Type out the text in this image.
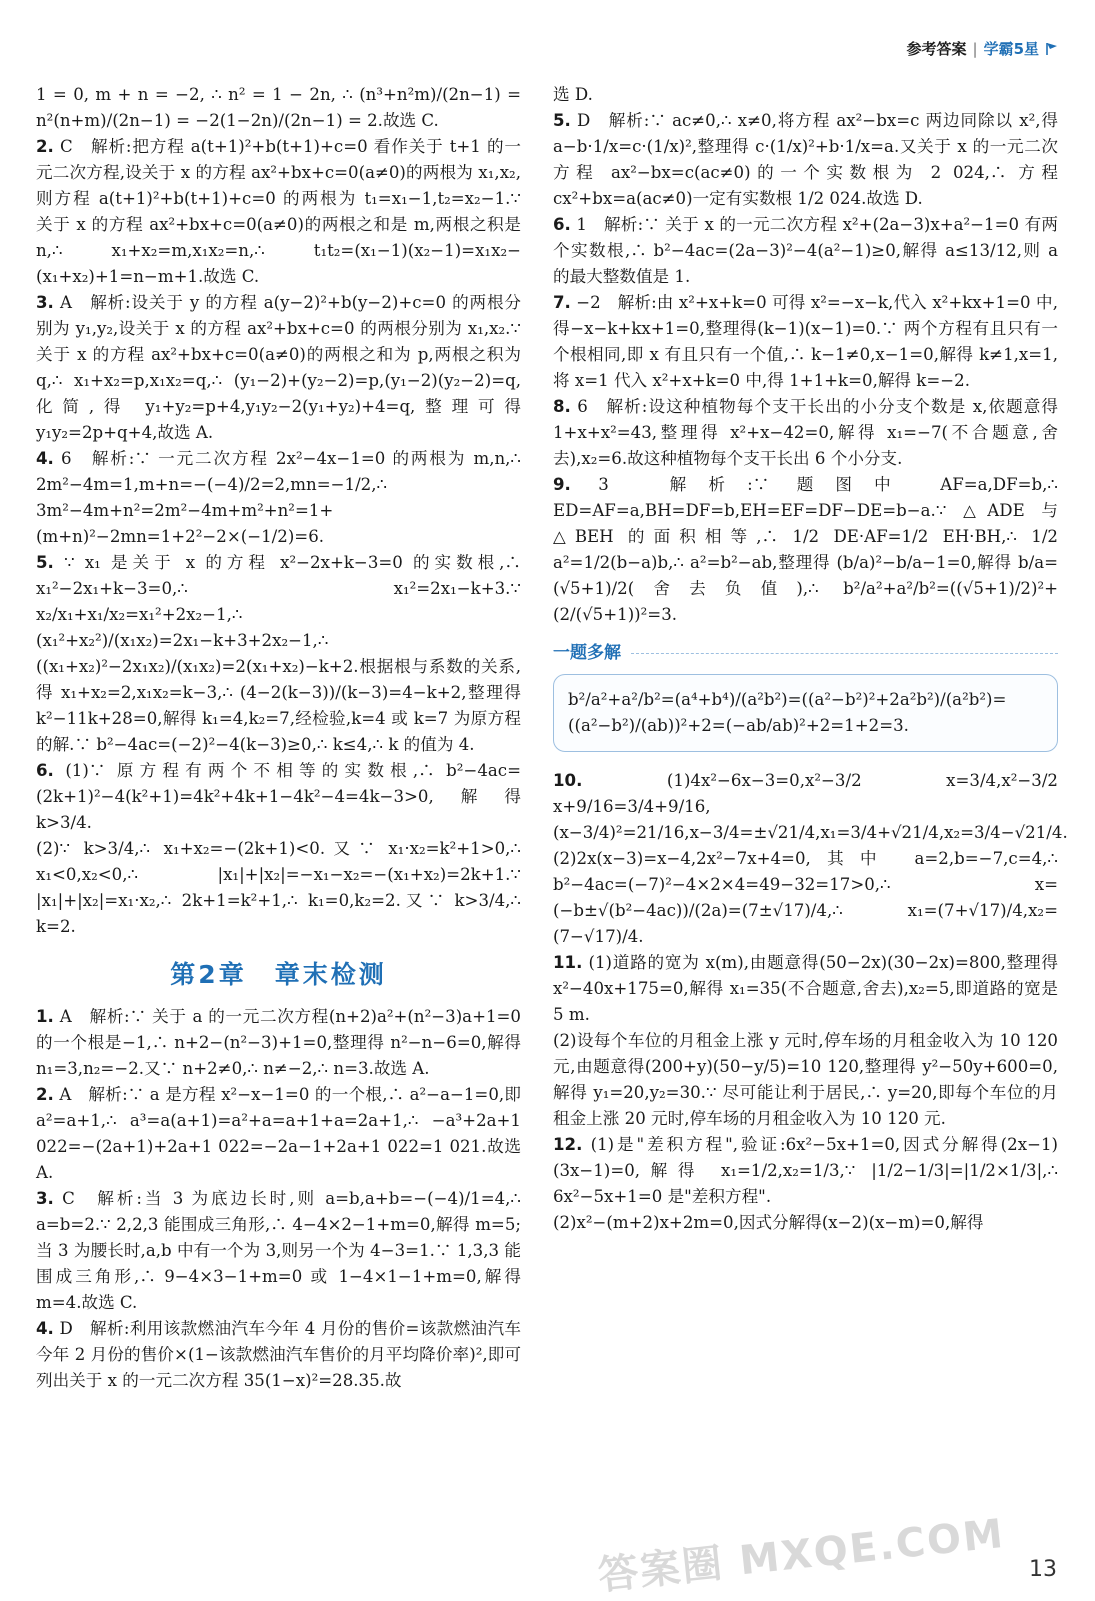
参考答案 | 学霸5星

1 = 0, m + n = −2, ∴ n² = 1 − 2n, ∴ (n³+n²m)/(2n−1) = n²(n+m)/(2n−1) = −2(1−2n)/(2n−1) = 2.故选 C.

2. C　解析:把方程 a(t+1)²+b(t+1)+c=0 看作关于 t+1 的一元二次方程,设关于 x 的方程 ax²+bx+c=0(a≠0)的两根为 x₁,x₂,则方程 a(t+1)²+b(t+1)+c=0 的两根为 t₁=x₁−1,t₂=x₂−1.∵ 关于 x 的方程 ax²+bx+c=0(a≠0)的两根之和是 m,两根之积是 n,∴ x₁+x₂=m,x₁x₂=n,∴ t₁t₂=(x₁−1)(x₂−1)=x₁x₂−(x₁+x₂)+1=n−m+1.故选 C.

3. A　解析:设关于 y 的方程 a(y−2)²+b(y−2)+c=0 的两根分别为 y₁,y₂,设关于 x 的方程 ax²+bx+c=0 的两根分别为 x₁,x₂.∵ 关于 x 的方程 ax²+bx+c=0(a≠0)的两根之和为 p,两根之积为 q,∴ x₁+x₂=p,x₁x₂=q,∴ (y₁−2)+(y₂−2)=p,(y₁−2)(y₂−2)=q,化简,得 y₁+y₂=p+4,y₁y₂−2(y₁+y₂)+4=q,整理可得 y₁y₂=2p+q+4,故选 A.

4. 6　解析:∵ 一元二次方程 2x²−4x−1=0 的两根为 m,n,∴ 2m²−4m=1,m+n=−(−4)/2=2,mn=−1/2,∴ 3m²−4m+n²=2m²−4m+m²+n²=1+(m+n)²−2mn=1+2²−2×(−1/2)=6.

5. ∵ x₁ 是关于 x 的方程 x²−2x+k−3=0 的实数根,∴ x₁²−2x₁+k−3=0,∴ x₁²=2x₁−k+3.∵ x₂/x₁+x₁/x₂=x₁²+2x₂−1,∴ (x₁²+x₂²)/(x₁x₂)=2x₁−k+3+2x₂−1,∴ ((x₁+x₂)²−2x₁x₂)/(x₁x₂)=2(x₁+x₂)−k+2.根据根与系数的关系,得 x₁+x₂=2,x₁x₂=k−3,∴ (4−2(k−3))/(k−3)=4−k+2,整理得 k²−11k+28=0,解得 k₁=4,k₂=7,经检验,k=4 或 k=7 为原方程的解.∵ b²−4ac=(−2)²−4(k−3)≥0,∴ k≤4,∴ k 的值为 4.

6. (1)∵ 原方程有两个不相等的实数根,∴ b²−4ac=(2k+1)²−4(k²+1)=4k²+4k+1−4k²−4=4k−3>0,解得 k>3/4.

(2)∵ k>3/4,∴ x₁+x₂=−(2k+1)<0.又∵ x₁·x₂=k²+1>0,∴ x₁<0,x₂<0,∴ |x₁|+|x₂|=−x₁−x₂=−(x₁+x₂)=2k+1.∵ |x₁|+|x₂|=x₁·x₂,∴ 2k+1=k²+1,∴ k₁=0,k₂=2.又∵ k>3/4,∴ k=2.

第2章　章末检测

1. A　解析:∵ 关于 a 的一元二次方程(n+2)a²+(n²−3)a+1=0 的一个根是−1,∴ n+2−(n²−3)+1=0,整理得 n²−n−6=0,解得 n₁=3,n₂=−2.又∵ n+2≠0,∴ n≠−2,∴ n=3.故选 A.

2. A　解析:∵ a 是方程 x²−x−1=0 的一个根,∴ a²−a−1=0,即 a²=a+1,∴ a³=a(a+1)=a²+a=a+1+a=2a+1,∴ −a³+2a+1 022=−(2a+1)+2a+1 022=−2a−1+2a+1 022=1 021.故选 A.

3. C　解析:当 3 为底边长时,则 a=b,a+b=−(−4)/1=4,∴ a=b=2.∵ 2,2,3 能围成三角形,∴ 4−4×2−1+m=0,解得 m=5;当 3 为腰长时,a,b 中有一个为 3,则另一个为 4−3=1.∵ 1,3,3 能围成三角形,∴ 9−4×3−1+m=0 或 1−4×1−1+m=0,解得 m=4.故选 C.

4. D　解析:利用该款燃油汽车今年 4 月份的售价=该款燃油汽车今年 2 月份的售价×(1−该款燃油汽车售价的月平均降价率)²,即可列出关于 x 的一元二次方程 35(1−x)²=28.35.故

选 D.

5. D　解析:∵ ac≠0,∴ x≠0,将方程 ax²−bx=c 两边同除以 x²,得 a−b·1/x=c·(1/x)²,整理得 c·(1/x)²+b·1/x=a.又关于 x 的一元二次方程 ax²−bx=c(ac≠0)的一个实数根为 2 024,∴ 方程 cx²+bx=a(ac≠0)一定有实数根 1/2 024.故选 D.

6. 1　解析:∵ 关于 x 的一元二次方程 x²+(2a−3)x+a²−1=0 有两个实数根,∴ b²−4ac=(2a−3)²−4(a²−1)≥0,解得 a≤13/12,则 a 的最大整数值是 1.

7. −2　解析:由 x²+x+k=0 可得 x²=−x−k,代入 x²+kx+1=0 中,得−x−k+kx+1=0,整理得(k−1)(x−1)=0.∵ 两个方程有且只有一个根相同,即 x 有且只有一个值,∴ k−1≠0,x−1=0,解得 k≠1,x=1,将 x=1 代入 x²+x+k=0 中,得 1+1+k=0,解得 k=−2.

8. 6　解析:设这种植物每个支干长出的小分支个数是 x,依题意得 1+x+x²=43,整理得 x²+x−42=0,解得 x₁=−7(不合题意,舍去),x₂=6.故这种植物每个支干长出 6 个小分支.

9. 3　解析:∵ 题图中 AF=a,DF=b,∴ ED=AF=a,BH=DF=b,EH=EF=DF−DE=b−a.∵ △ADE 与△BEH 的面积相等,∴ 1/2 DE·AF=1/2 EH·BH,∴ 1/2 a²=1/2(b−a)b,∴ a²=b²−ab,整理得 (b/a)²−b/a−1=0,解得 b/a=(√5+1)/2(舍去负值),∴ b²/a²+a²/b²=((√5+1)/2)²+(2/(√5+1))²=3.

一题多解

b²/a²+a²/b²=(a⁴+b⁴)/(a²b²)=((a²−b²)²+2a²b²)/(a²b²)=((a²−b²)/(ab))²+2=(−ab/ab)²+2=1+2=3.

10.	(1)4x²−6x−3=0,x²−3/2 x=3/4,x²−3/2 x+9/16=3/4+9/16,(x−3/4)²=21/16,x−3/4=±√21/4,x₁=3/4+√21/4,x₂=3/4−√21/4.

(2)2x(x−3)=x−4,2x²−7x+4=0,其中 a=2,b=−7,c=4,∴ b²−4ac=(−7)²−4×2×4=49−32=17>0,∴ x=(−b±√(b²−4ac))/(2a)=(7±√17)/4,∴ x₁=(7+√17)/4,x₂=(7−√17)/4.

11. (1)道路的宽为 x(m),由题意得(50−2x)(30−2x)=800,整理得 x²−40x+175=0,解得 x₁=35(不合题意,舍去),x₂=5,即道路的宽是 5 m.

(2)设每个车位的月租金上涨 y 元时,停车场的月租金收入为 10 120 元,由题意得(200+y)(50−y/5)=10 120,整理得 y²−50y+600=0,解得 y₁=20,y₂=30.∵ 尽可能让利于居民,∴ y=20,即每个车位的月租金上涨 20 元时,停车场的月租金收入为 10 120 元.

12. (1)是"差积方程",验证:6x²−5x+1=0,因式分解得(2x−1)(3x−1)=0,解得 x₁=1/2,x₂=1/3,∵ |1/2−1/3|=|1/2×1/3|,∴ 6x²−5x+1=0 是"差积方程".

(2)x²−(m+2)x+2m=0,因式分解得(x−2)(x−m)=0,解得

答案圈 MXQE.COM 13
